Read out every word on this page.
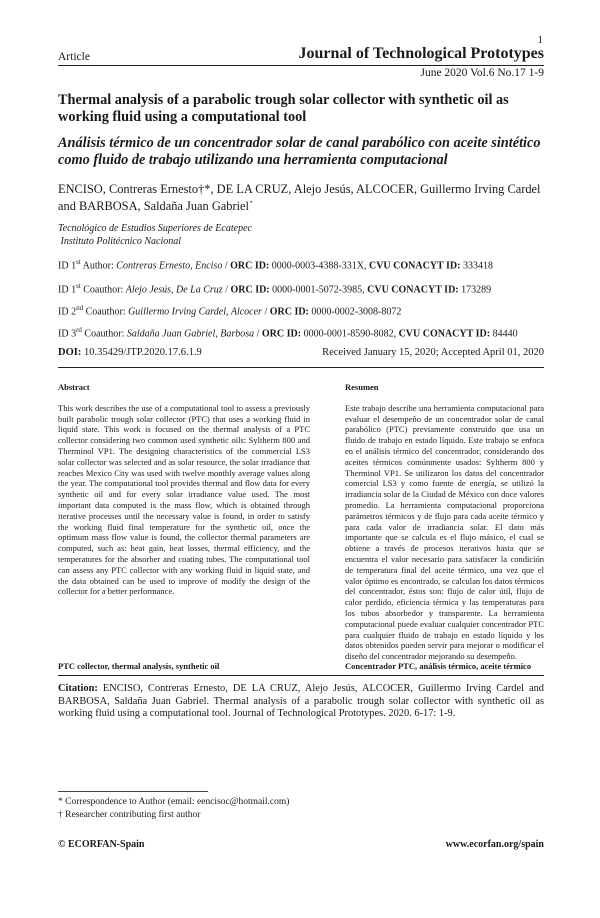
1
Article	Journal of Technological Prototypes
June 2020 Vol.6 No.17 1-9
Thermal analysis of a parabolic trough solar collector with synthetic oil as working fluid using a computational tool
Análisis térmico de un concentrador solar de canal parabólico con aceite sintético como fluido de trabajo utilizando una herramienta computacional
ENCISO, Contreras Ernesto†*, DE LA CRUZ, Alejo Jesús, ALCOCER, Guillermo Irving Cardel and BARBOSA, Saldaña Juan Gabriel´
Tecnológico de Estudios Superiores de Ecatepec
Instituto Politécnico Nacional
ID 1st Author: Contreras Ernesto, Enciso / ORC ID: 0000-0003-4388-331X, CVU CONACYT ID: 333418
ID 1st Coauthor: Alejo Jesús, De La Cruz / ORC ID: 0000-0001-5072-3985, CVU CONACYT ID: 173289
ID 2nd Coauthor: Guillermo Irving Cardel, Alcocer / ORC ID: 0000-0002-3008-8072
ID 3rd Coauthor: Saldaña Juan Gabriel, Barbosa / ORC ID: 0000-0001-8590-8082, CVU CONACYT ID: 84440
DOI: 10.35429/JTP.2020.17.6.1.9	Received January 15, 2020; Accepted April 01, 2020
Abstract

This work describes the use of a computational tool to assess a previously built parabolic trough solar collector (PTC) that uses a working fluid in liquid state. This work is focused on the thermal analysis of a PTC collector considering two common used synthetic oils: Syltherm 800 and Therminol VP1. The designing characteristics of the commercial LS3 solar collector was selected and as solar resource, the solar irradiance that reaches Mexico City was used with twelve monthly average values along the year. The computational tool provides thermal and flow data for every synthetic oil and for every solar irradiance value used. The most important data computed is the mass flow, which is obtained through iterative processes until the necessary value is found, in order to satisfy the working fluid final temperature for the synthetic oil, once the optimum mass flow value is found, the collector thermal parameters are computed, such as: heat gain, heat losses, thermal efficiency, and the temperatures for the absorber and coating tubes. The computational tool can assess any PTC collector with any working fluid in liquid state, and the data obtained can be used to improve of modify the design of the collector for a better performance.

Resumen

Este trabajo describe una herramienta computacional para evaluar el desempeño de un concentrador solar de canal parabólico (PTC) previamente construido que usa un fluido de trabajo en estado líquido. Este trabajo se enfoca en el análisis térmico del concentrador, considerando dos aceites térmicos comúnmente usados: Syltherm 800 y Therminol VP1. Se utilizaron los datos del concentrador comercial LS3 y como fuente de energía, se utilizó la irradiancia solar de la Ciudad de México con doce valores promedio. La herramienta computacional proporciona parámetros térmicos y de flujo para cada aceite térmico y para cada valor de irradiancia solar. El dato más importante que se calcula es el flujo másico, el cual se obtiene a través de procesos iterativos hasta que se encuentra el valor necesario para satisfacer la condición de temperatura final del aceite térmico, una vez que el valor óptimo es encontrado, se calculan los datos térmicos del concentrador, éstos son: flujo de calor útil, flujo de calor perdido, eficiencia térmica y las temperaturas para los tubos absorbedor y transparente. La herramienta computacional puede evaluar cualquier concentrador PTC para cualquier fluido de trabajo en estado líquido y los datos obtenidos pueden servir para mejorar o modificar el diseño del concentrador mejorando su desempeño.

PTC collector, thermal analysis, synthetic oil	Concentrador PTC, análisis térmico, aceite térmico
Citation: ENCISO, Contreras Ernesto, DE LA CRUZ, Alejo Jesús, ALCOCER, Guillermo Irving Cardel and BARBOSA, Saldaña Juan Gabriel. Thermal analysis of a parabolic trough solar collector with synthetic oil as working fluid using a computational tool. Journal of Technological Prototypes. 2020. 6-17: 1-9.
* Correspondence to Author (email: eencisoc@hotmail.com)
† Researcher contributing first author
© ECORFAN-Spain	www.ecorfan.org/spain
